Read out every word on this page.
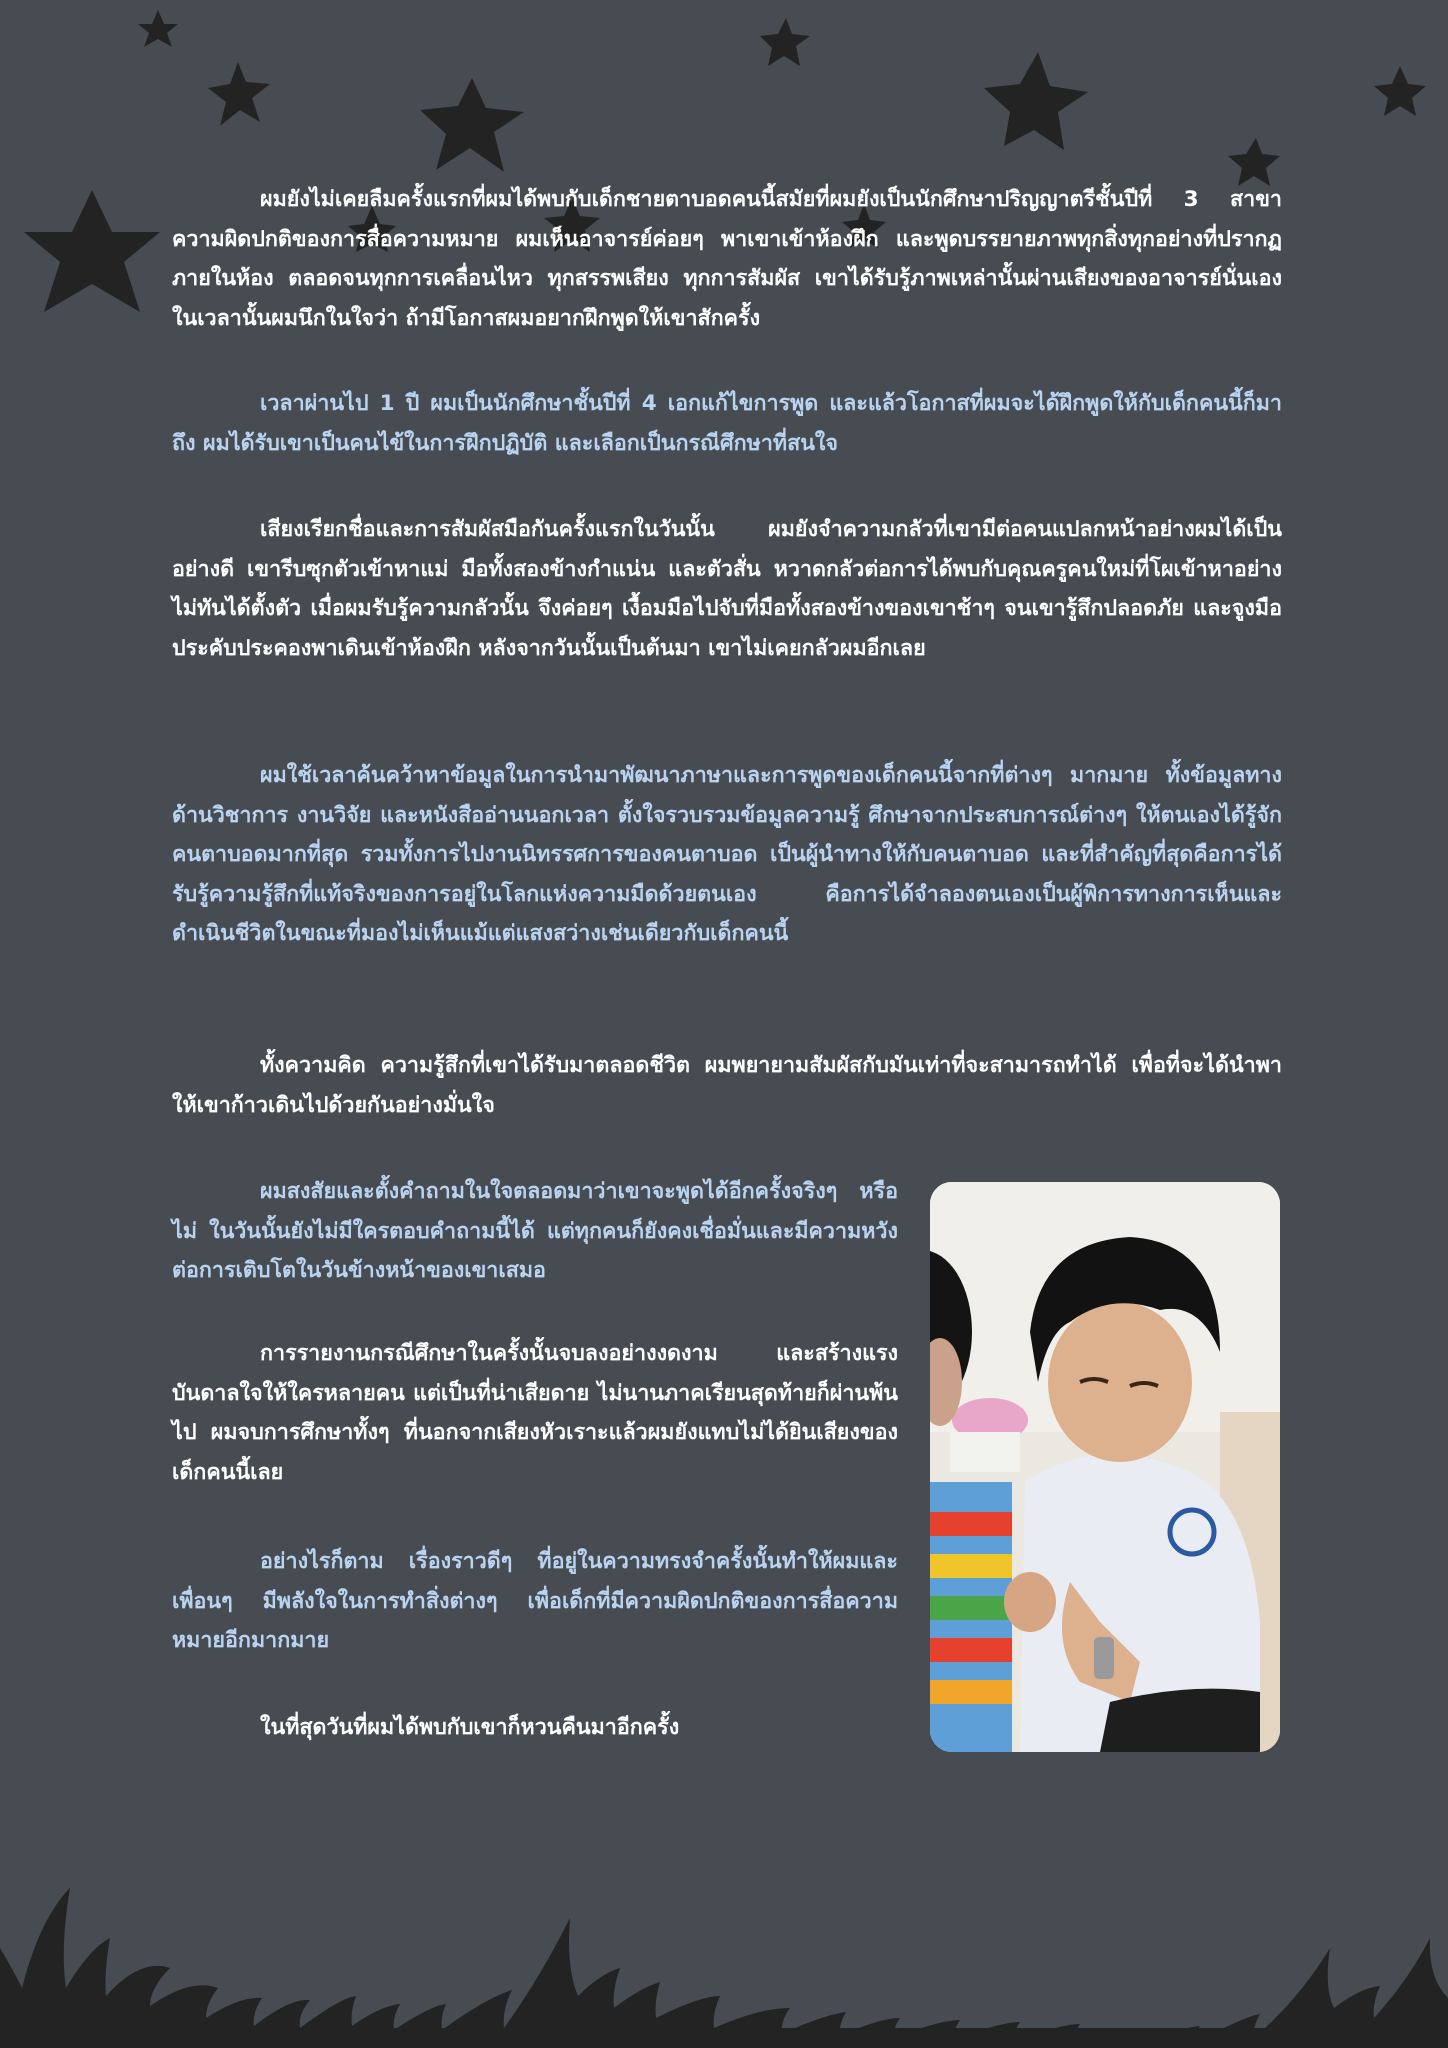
ผมยังไม่เคยลืมครั้งแรกที่ผมได้พบกับเด็กชายตาบอดคนนี้สมัยที่ผมยังเป็นนักศึกษาปริญญาตรีชั้นปีที่ 3 สาขาความผิดปกติของการสื่อความหมาย ผมเห็นอาจารย์ค่อยๆ พาเขาเข้าห้องฝึก และพูดบรรยายภาพทุกสิ่งทุกอย่างที่ปรากฏภายในห้อง ตลอดจนทุกการเคลื่อนไหว ทุกสรรพเสียง ทุกการสัมผัส เขาได้รับรู้ภาพเหล่านั้นผ่านเสียงของอาจารย์นั่นเอง ในเวลานั้นผมนึกในใจว่า ถ้ามีโอกาสผมอยากฝึกพูดให้เขาสักครั้ง

เวลาผ่านไป 1 ปี ผมเป็นนักศึกษาชั้นปีที่ 4 เอกแก้ไขการพูด และแล้วโอกาสที่ผมจะได้ฝึกพูดให้กับเด็กคนนี้ก็มาถึง ผมได้รับเขาเป็นคนไข้ในการฝึกปฏิบัติ และเลือกเป็นกรณีศึกษาที่สนใจ

เสียงเรียกชื่อและการสัมผัสมือกันครั้งแรกในวันนั้น ผมยังจำความกลัวที่เขามีต่อคนแปลกหน้าอย่างผมได้เป็นอย่างดี เขารีบซุกตัวเข้าหาแม่ มือทั้งสองข้างกำแน่น และตัวสั่น หวาดกลัวต่อการได้พบกับคุณครูคนใหม่ที่โผเข้าหาอย่างไม่ทันได้ตั้งตัว เมื่อผมรับรู้ความกลัวนั้น จึงค่อยๆ เงื้อมมือไปจับที่มือทั้งสองข้างของเขาช้าๆ จนเขารู้สึกปลอดภัย และจูงมือประคับประคองพาเดินเข้าห้องฝึก หลังจากวันนั้นเป็นต้นมา เขาไม่เคยกลัวผมอีกเลย

ผมใช้เวลาค้นคว้าหาข้อมูลในการนำมาพัฒนาภาษาและการพูดของเด็กคนนี้จากที่ต่างๆ มากมาย ทั้งข้อมูลทางด้านวิชาการ งานวิจัย และหนังสืออ่านนอกเวลา ตั้งใจรวบรวมข้อมูลความรู้ ศึกษาจากประสบการณ์ต่างๆ ให้ตนเองได้รู้จักคนตาบอดมากที่สุด รวมทั้งการไปงานนิทรรศการของคนตาบอด เป็นผู้นำทางให้กับคนตาบอด และที่สำคัญที่สุดคือการได้รับรู้ความรู้สึกที่แท้จริงของการอยู่ในโลกแห่งความมืดด้วยตนเอง คือการได้จำลองตนเองเป็นผู้พิการทางการเห็นและดำเนินชีวิตในขณะที่มองไม่เห็นแม้แต่แสงสว่างเช่นเดียวกับเด็กคนนี้

ทั้งความคิด ความรู้สึกที่เขาได้รับมาตลอดชีวิต ผมพยายามสัมผัสกับมันเท่าที่จะสามารถทำได้ เพื่อที่จะได้นำพาให้เขาก้าวเดินไปด้วยกันอย่างมั่นใจ

ผมสงสัยและตั้งคำถามในใจตลอดมาว่าเขาจะพูดได้อีกครั้งจริงๆ หรือไม่ ในวันนั้นยังไม่มีใครตอบคำถามนี้ได้ แต่ทุกคนก็ยังคงเชื่อมั่นและมีความหวังต่อการเติบโตในวันข้างหน้าของเขาเสมอ

การรายงานกรณีศึกษาในครั้งนั้นจบลงอย่างงดงาม และสร้างแรงบันดาลใจให้ใครหลายคน แต่เป็นที่น่าเสียดาย ไม่นานภาคเรียนสุดท้ายก็ผ่านพ้นไป ผมจบการศึกษาทั้งๆ ที่นอกจากเสียงหัวเราะแล้วผมยังแทบไม่ได้ยินเสียงของเด็กคนนี้เลย

อย่างไรก็ตาม เรื่องราวดีๆ ที่อยู่ในความทรงจำครั้งนั้นทำให้ผมและเพื่อนๆ มีพลังใจในการทำสิ่งต่างๆ เพื่อเด็กที่มีความผิดปกติของการสื่อความหมายอีกมากมาย

ในที่สุดวันที่ผมได้พบกับเขาก็หวนคืนมาอีกครั้ง
